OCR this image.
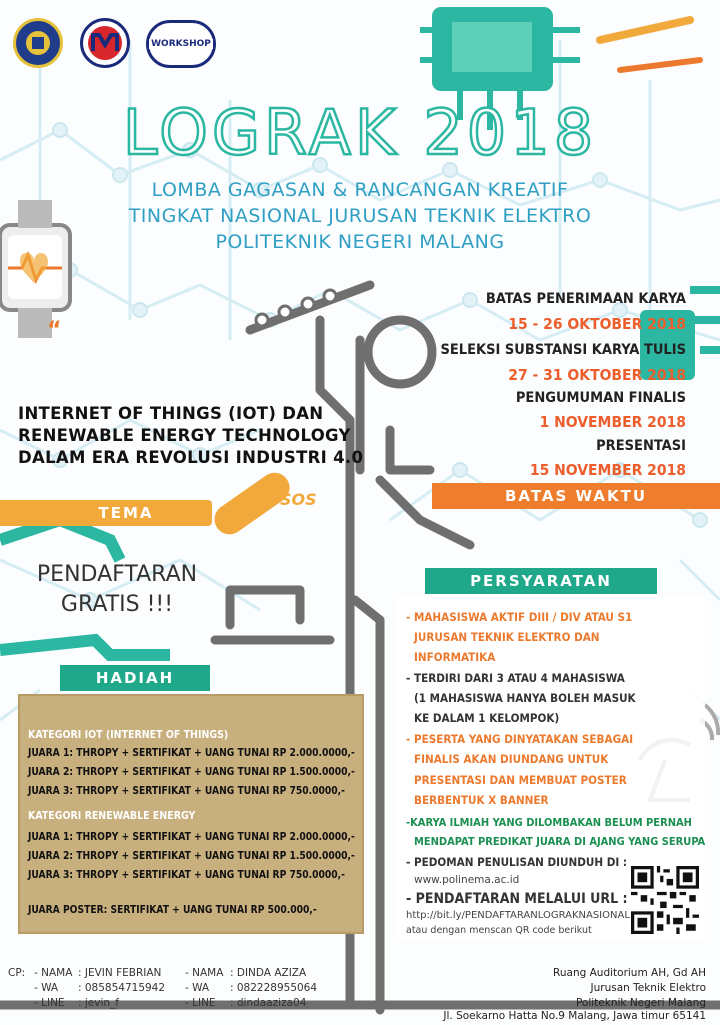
WORKSHOP
LOGRAK 2018
LOMBA GAGASAN & RANCANGAN KREATIF
TINGKAT NASIONAL JURUSAN TEKNIK ELEKTRO
POLITEKNIK NEGERI MALANG
“
BATAS PENERIMAAN KARYA
15 - 26 OKTOBER 2018
SELEKSI SUBSTANSI KARYA TULIS
27 - 31 OKTOBER 2018
PENGUMUMAN FINALIS
1 NOVEMBER 2018
PRESENTASI
15 NOVEMBER 2018
INTERNET OF THINGS (IOT) DAN
RENEWABLE ENERGY TECHNOLOGY
DALAM ERA REVOLUSI INDUSTRI 4.0
SOS
TEMA
BATAS WAKTU
PERSYARATAN
HADIAH
PENDAFTARAN
GRATIS !!!
KATEGORI IOT (INTERNET OF THINGS)
JUARA 1: THROPY + SERTIFIKAT + UANG TUNAI RP 2.000.0000,-
JUARA 2: THROPY + SERTIFIKAT + UANG TUNAI RP 1.500.0000,-
JUARA 3: THROPY + SERTIFIKAT + UANG TUNAI RP 750.0000,-
KATEGORI RENEWABLE ENERGY
JUARA 1: THROPY + SERTIFIKAT + UANG TUNAI RP 2.000.0000,-
JUARA 2: THROPY + SERTIFIKAT + UANG TUNAI RP 1.500.0000,-
JUARA 3: THROPY + SERTIFIKAT + UANG TUNAI RP 750.0000,-
JUARA POSTER: SERTIFIKAT + UANG TUNAI RP 500.000,-
- MAHASISWA AKTIF DIII / DIV ATAU S1
JURUSAN TEKNIK ELEKTRO DAN
INFORMATIKA
- TERDIRI DARI 3 ATAU 4 MAHASISWA
(1 MAHASISWA HANYA BOLEH MASUK
KE DALAM 1 KELOMPOK)
- PESERTA YANG DINYATAKAN SEBAGAI
FINALIS AKAN DIUNDANG UNTUK
PRESENTASI DAN MEMBUAT POSTER
BERBENTUK X BANNER
-KARYA ILMIAH YANG DILOMBAKAN BELUM PERNAH
MENDAPAT PREDIKAT JUARA DI AJANG YANG SERUPA
- PEDOMAN PENULISAN DIUNDUH DI :
www.polinema.ac.id
- PENDAFTARAN MELALUI URL :
http://bit.ly/PENDAFTARANLOGRAKNASIONAL
atau dengan menscan QR code berikut
CP: - NAMA : JEVIN FEBRIAN
- WA : 085854715942
- LINE : jevin_f
- NAMA : DINDA AZIZA
- WA : 082228955064
- LINE : dindaaziza04
Ruang Auditorium AH, Gd AH
Jurusan Teknik Elektro
Politeknik Negeri Malang
Jl. Soekarno Hatta No.9 Malang, Jawa timur 65141
